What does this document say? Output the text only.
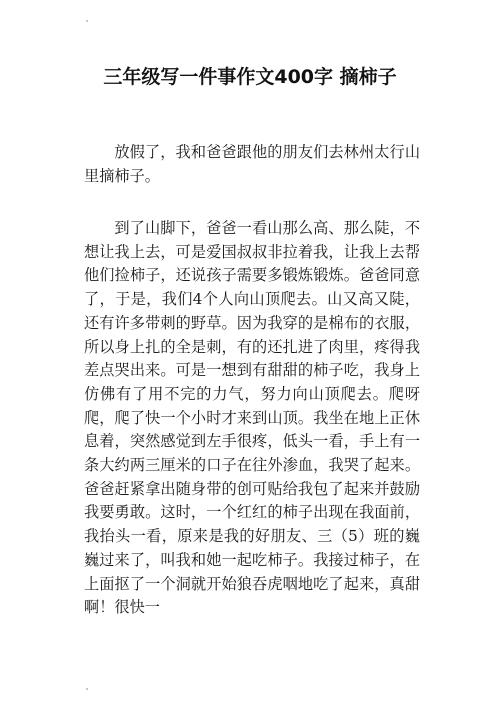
三年级写一件事作文400字 摘柿子

放假了，我和爸爸跟他的朋友们去林州太行山里摘柿子。

到了山脚下，爸爸一看山那么高、那么陡，不想让我上去，可是爱国叔叔非拉着我，让我上去帮他们捡柿子，还说孩子需要多锻炼锻炼。爸爸同意了，于是，我们4个人向山顶爬去。山又高又陡，还有许多带刺的野草。因为我穿的是棉布的衣服，所以身上扎的全是刺，有的还扎进了肉里，疼得我差点哭出来。可是一想到有甜甜的柿子吃，我身上仿佛有了用不完的力气，努力向山顶爬去。爬呀爬，爬了快一个小时才来到山顶。我坐在地上正休息着，突然感觉到左手很疼，低头一看，手上有一条大约两三厘米的口子在往外渗血，我哭了起来。爸爸赶紧拿出随身带的创可贴给我包了起来并鼓励我要勇敢。这时，一个红红的柿子出现在我面前，我抬头一看，原来是我的好朋友、三（5）班的巍巍过来了，叫我和她一起吃柿子。我接过柿子，在上面抠了一个洞就开始狼吞虎咽地吃了起来，真甜啊！很快一
